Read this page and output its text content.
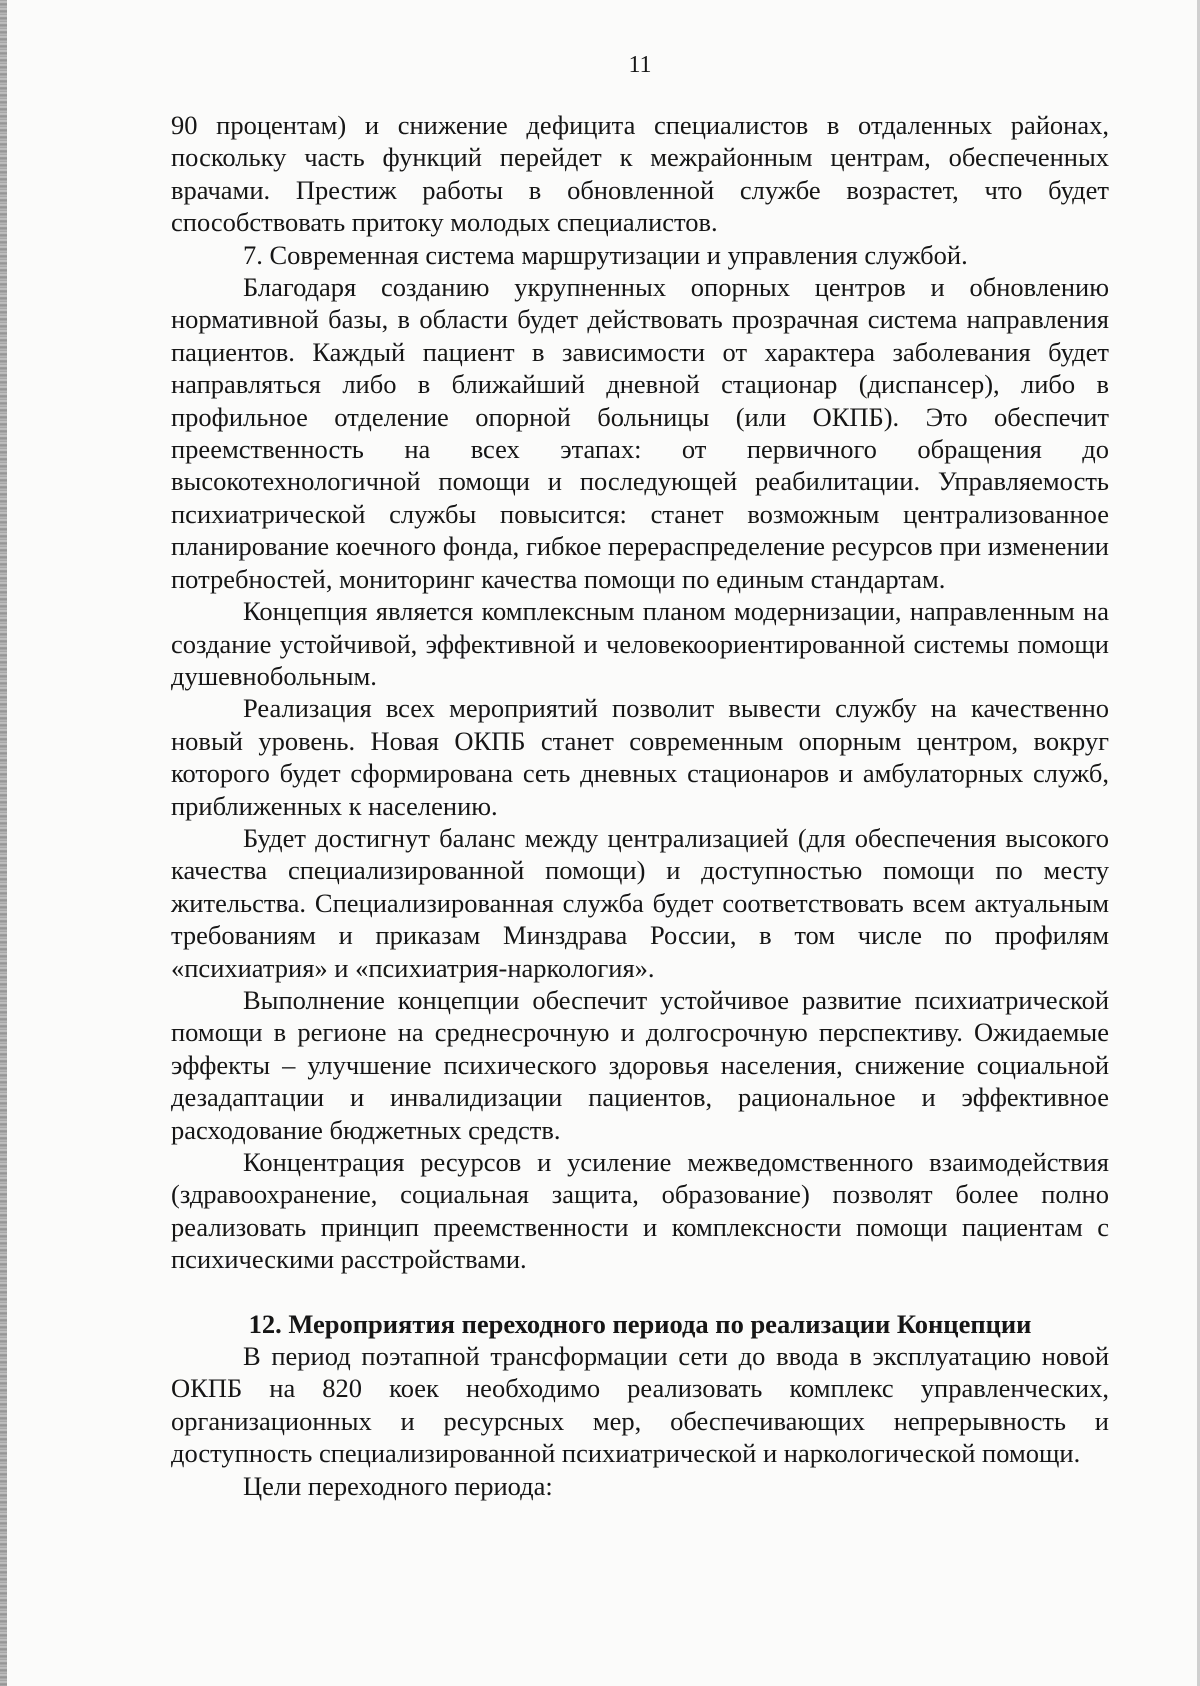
11

90 процентам) и снижение дефицита специалистов в отдаленных районах, поскольку часть функций перейдет к межрайонным центрам, обеспеченных врачами. Престиж работы в обновленной службе возрастет, что будет способствовать притоку молодых специалистов.

7. Современная система маршрутизации и управления службой.

Благодаря созданию укрупненных опорных центров и обновлению нормативной базы, в области будет действовать прозрачная система направления пациентов. Каждый пациент в зависимости от характера заболевания будет направляться либо в ближайший дневной стационар (диспансер), либо в профильное отделение опорной больницы (или ОКПБ). Это обеспечит преемственность на всех этапах: от первичного обращения до высокотехнологичной помощи и последующей реабилитации. Управляемость психиатрической службы повысится: станет возможным централизованное планирование коечного фонда, гибкое перераспределение ресурсов при изменении потребностей, мониторинг качества помощи по единым стандартам.

Концепция является комплексным планом модернизации, направленным на создание устойчивой, эффективной и человекоориентированной системы помощи душевнобольным.

Реализация всех мероприятий позволит вывести службу на качественно новый уровень. Новая ОКПБ станет современным опорным центром, вокруг которого будет сформирована сеть дневных стационаров и амбулаторных служб, приближенных к населению.

Будет достигнут баланс между централизацией (для обеспечения высокого качества специализированной помощи) и доступностью помощи по месту жительства. Специализированная служба будет соответствовать всем актуальным требованиям и приказам Минздрава России, в том числе по профилям «психиатрия» и «психиатрия-наркология».

Выполнение концепции обеспечит устойчивое развитие психиатрической помощи в регионе на среднесрочную и долгосрочную перспективу. Ожидаемые эффекты – улучшение психического здоровья населения, снижение социальной дезадаптации и инвалидизации пациентов, рациональное и эффективное расходование бюджетных средств.

Концентрация ресурсов и усиление межведомственного взаимодействия (здравоохранение, социальная защита, образование) позволят более полно реализовать принцип преемственности и комплексности помощи пациентам с психическими расстройствами.

12. Мероприятия переходного периода по реализации Концепции

В период поэтапной трансформации сети до ввода в эксплуатацию новой ОКПБ на 820 коек необходимо реализовать комплекс управленческих, организационных и ресурсных мер, обеспечивающих непрерывность и доступность специализированной психиатрической и наркологической помощи.

Цели переходного периода:
